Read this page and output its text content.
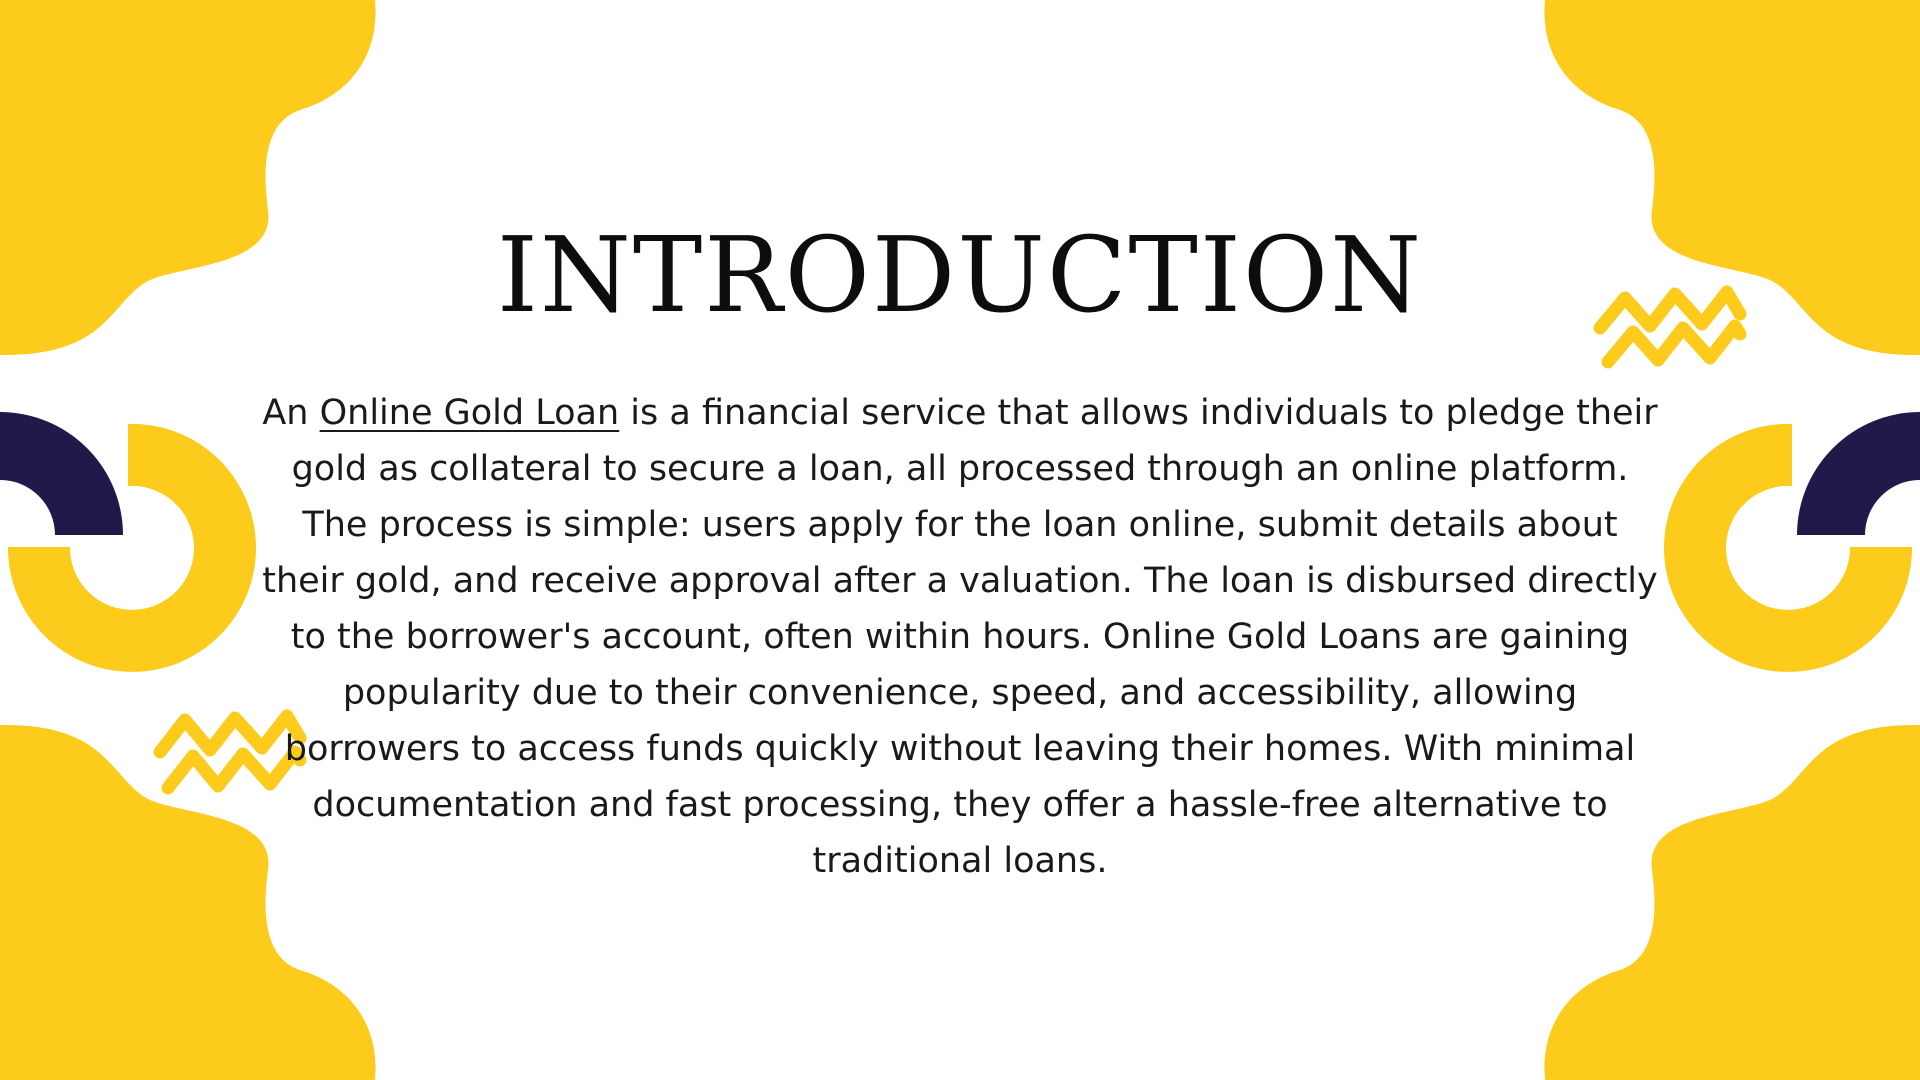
INTRODUCTION

An Online Gold Loan is a financial service that allows individuals to pledge their gold as collateral to secure a loan, all processed through an online platform. The process is simple: users apply for the loan online, submit details about their gold, and receive approval after a valuation. The loan is disbursed directly to the borrower's account, often within hours. Online Gold Loans are gaining popularity due to their convenience, speed, and accessibility, allowing borrowers to access funds quickly without leaving their homes. With minimal documentation and fast processing, they offer a hassle-free alternative to traditional loans.
